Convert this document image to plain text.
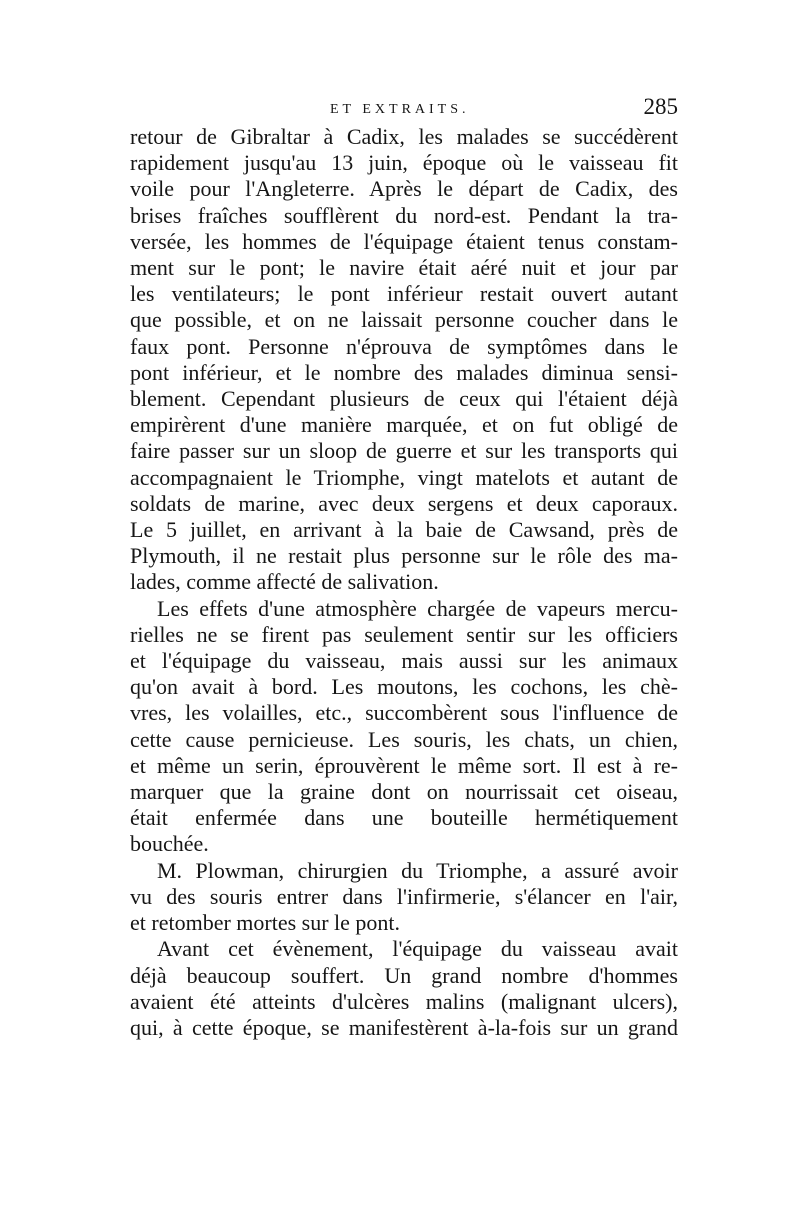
ET EXTRAITS.	285
retour de Gibraltar à Cadix, les malades se succédèrent
rapidement jusqu'au 13 juin, époque où le vaisseau fit
voile pour l'Angleterre. Après le départ de Cadix, des
brises fraîches soufflèrent du nord-est. Pendant la tra-
versée, les hommes de l'équipage étaient tenus constam-
ment sur le pont; le navire était aéré nuit et jour par
les ventilateurs; le pont inférieur restait ouvert autant
que possible, et on ne laissait personne coucher dans le
faux pont. Personne n'éprouva de symptômes dans le
pont inférieur, et le nombre des malades diminua sensi-
blement. Cependant plusieurs de ceux qui l'étaient déjà
empirèrent d'une manière marquée, et on fut obligé de
faire passer sur un sloop de guerre et sur les transports qui
accompagnaient le Triomphe, vingt matelots et autant de
soldats de marine, avec deux sergens et deux caporaux.
Le 5 juillet, en arrivant à la baie de Cawsand, près de
Plymouth, il ne restait plus personne sur le rôle des ma-
lades, comme affecté de salivation.
Les effets d'une atmosphère chargée de vapeurs mercu-
rielles ne se firent pas seulement sentir sur les officiers
et l'équipage du vaisseau, mais aussi sur les animaux
qu'on avait à bord. Les moutons, les cochons, les chè-
vres, les volailles, etc., succombèrent sous l'influence de
cette cause pernicieuse. Les souris, les chats, un chien,
et même un serin, éprouvèrent le même sort. Il est à re-
marquer que la graine dont on nourrissait cet oiseau,
était enfermée dans une bouteille hermétiquement
bouchée.
M. Plowman, chirurgien du Triomphe, a assuré avoir
vu des souris entrer dans l'infirmerie, s'élancer en l'air,
et retomber mortes sur le pont.
Avant cet évènement, l'équipage du vaisseau avait
déjà beaucoup souffert. Un grand nombre d'hommes
avaient été atteints d'ulcères malins (malignant ulcers),
qui, à cette époque, se manifestèrent à-la-fois sur un grand
